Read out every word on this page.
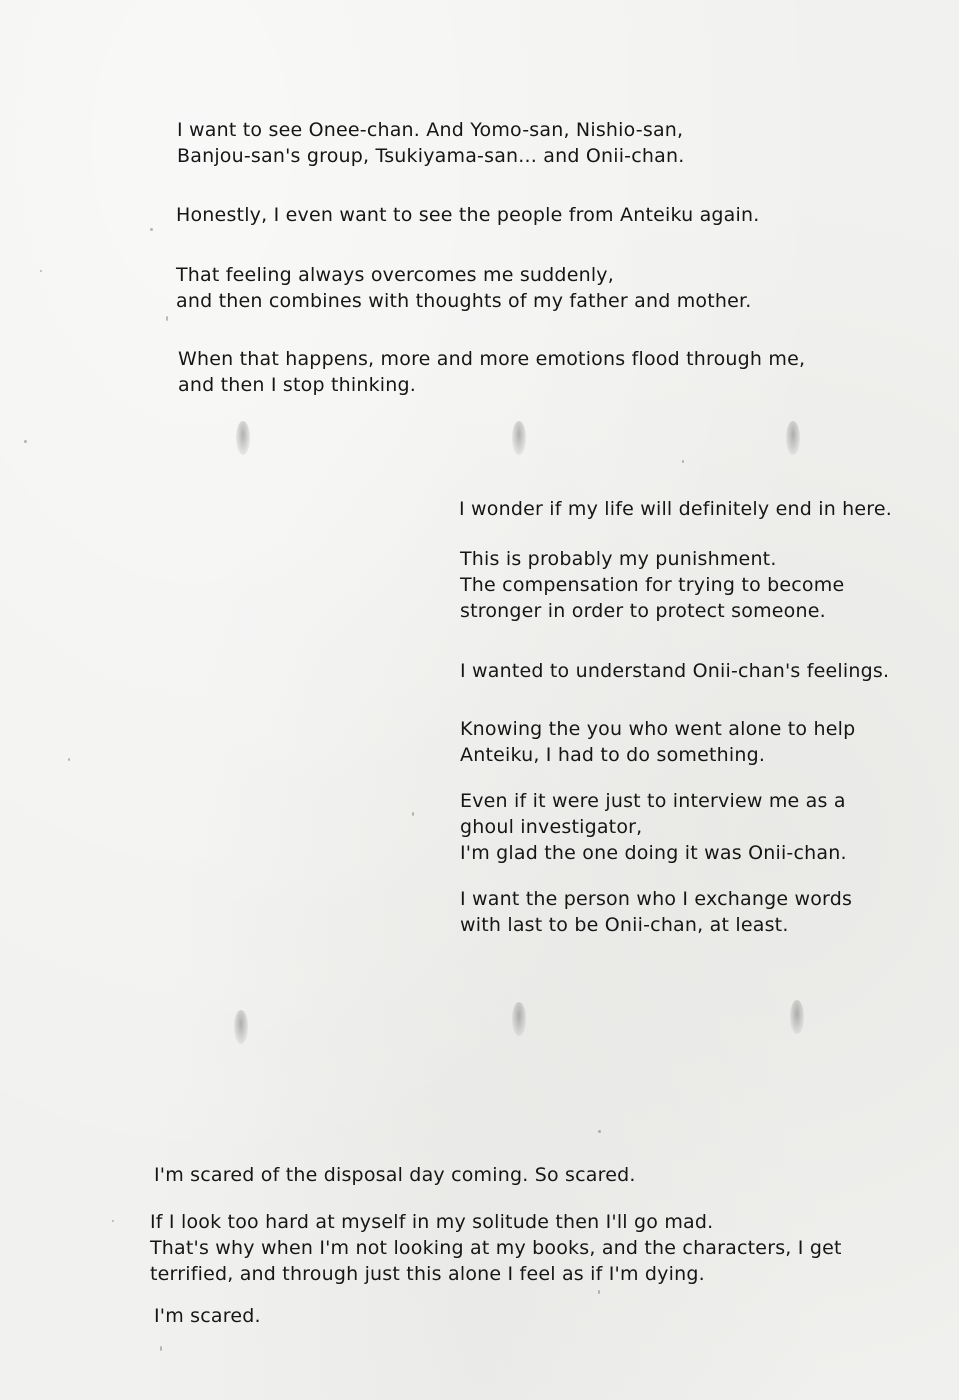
I want to see Onee-chan. And Yomo-san, Nishio-san,
Banjou-san's group, Tsukiyama-san... and Onii-chan.
Honestly, I even want to see the people from Anteiku again.
That feeling always overcomes me suddenly,
and then combines with thoughts of my father and mother.
When that happens, more and more emotions flood through me,
and then I stop thinking.
I wonder if my life will definitely end in here.
This is probably my punishment.
The compensation for trying to become
stronger in order to protect someone.
I wanted to understand Onii-chan's feelings.
Knowing the you who went alone to help
Anteiku, I had to do something.
Even if it were just to interview me as a
ghoul investigator,
I'm glad the one doing it was Onii-chan.
I want the person who I exchange words
with last to be Onii-chan, at least.
I'm scared of the disposal day coming. So scared.
If I look too hard at myself in my solitude then I'll go mad.
That's why when I'm not looking at my books, and the characters, I get
terrified, and through just this alone I feel as if I'm dying.
I'm scared.
